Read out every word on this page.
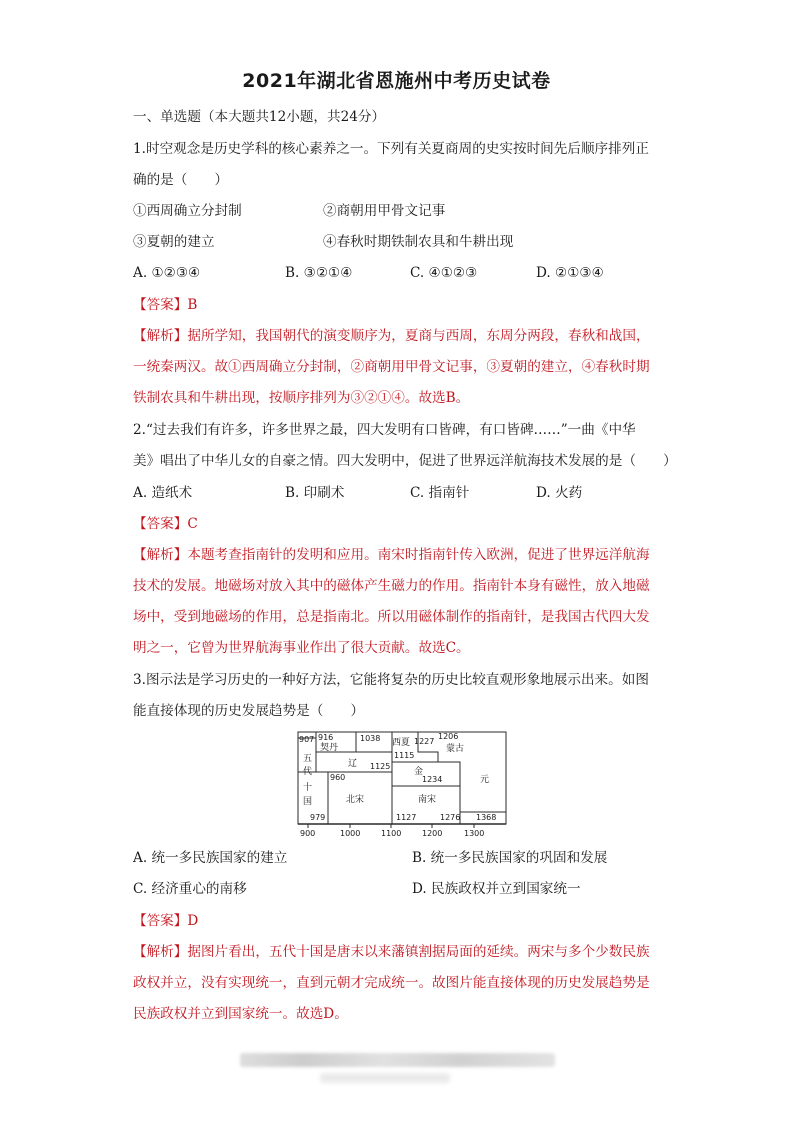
2021年湖北省恩施州中考历史试卷
一、单选题（本大题共12小题，共24分）
1.时空观念是历史学科的核心素养之一。下列有关夏商周的史实按时间先后顺序排列正
确的是（　　）
①西周确立分封制	②商朝用甲骨文记事
③夏朝的建立	④春秋时期铁制农具和牛耕出现
A. ①②③④	B. ③②①④	C. ④①②③	D. ②①③④
【答案】B
【解析】据所学知，我国朝代的演变顺序为，夏商与西周，东周分两段，春秋和战国，
一统秦两汉。故①西周确立分封制，②商朝用甲骨文记事，③夏朝的建立，④春秋时期
铁制农具和牛耕出现，按顺序排列为③②①④。故选B。
2.“过去我们有许多，许多世界之最，四大发明有口皆碑，有口皆碑……”一曲《中华
美》唱出了中华儿女的自豪之情。四大发明中，促进了世界远洋航海技术发展的是（　　）
A. 造纸术	B. 印刷术	C. 指南针	D. 火药
【答案】C
【解析】本题考查指南针的发明和应用。南宋时指南针传入欧洲，促进了世界远洋航海
技术的发展。地磁场对放入其中的磁体产生磁力的作用。指南针本身有磁性，放入地磁
场中，受到地磁场的作用，总是指南北。所以用磁体制作的指南针，是我国古代四大发
明之一，它曾为世界航海事业作出了很大贡献。故选C。
3.图示法是学习历史的一种好方法，它能将复杂的历史比较直观形象地展示出来。如图
能直接体现的历史发展趋势是（　　）
907 916	1038	1206
1227
1115
1125
960	1234
979	1127	1276 1368
契丹	西夏
蒙古
辽
金
元
五
代
十
国	北宋	南宋
900	1000	1100	1200	1300
A. 统一多民族国家的建立	B. 统一多民族国家的巩固和发展
C. 经济重心的南移	D. 民族政权并立到国家统一
【答案】D
【解析】据图片看出，五代十国是唐末以来藩镇割据局面的延续。两宋与多个少数民族
政权并立，没有实现统一，直到元朝才完成统一。故图片能直接体现的历史发展趋势是
民族政权并立到国家统一。故选D。
